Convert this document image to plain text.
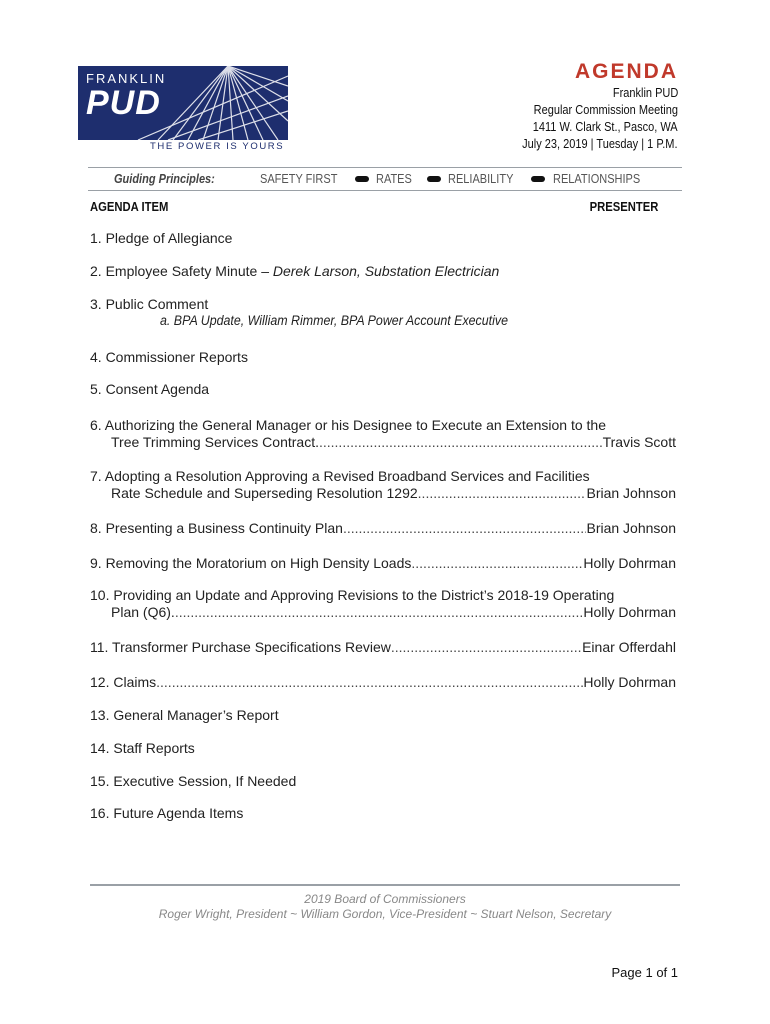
FRANKLIN
PUD
THE POWER IS YOURS
AGENDA
Franklin PUD
Regular Commission Meeting
1411 W. Clark St., Pasco, WA
July 23, 2019 | Tuesday | 1 P.M.
Guiding Principles:	SAFETY FIRST	RATES	RELIABILITY	RELATIONSHIPS
AGENDA ITEM	PRESENTER
1. Pledge of Allegiance
2. Employee Safety Minute – Derek Larson, Substation Electrician
3. Public Comment
a. BPA Update, William Rimmer, BPA Power Account Executive
4. Commissioner Reports
5. Consent Agenda
6. Authorizing the General Manager or his Designee to Execute an Extension to the
Tree Trimming Services Contract. .....	Travis Scott
7. Adopting a Resolution Approving a Revised Broadband Services and Facilities
Rate Schedule and Superseding Resolution 1292 .....	Brian Johnson
8. Presenting a Business Continuity Plan .....	Brian Johnson
9. Removing the Moratorium on High Density Loads .....	Holly Dohrman
10. Providing an Update and Approving Revisions to the District’s 2018-19 Operating
Plan (Q6). .....	Holly Dohrman
11. Transformer Purchase Specifications Review .....	Einar Offerdahl
12. Claims .....	Holly Dohrman
13. General Manager’s Report
14. Staff Reports
15. Executive Session, If Needed
16. Future Agenda Items
2019 Board of Commissioners
Roger Wright, President ~ William Gordon, Vice-President ~ Stuart Nelson, Secretary
Page 1 of 1
